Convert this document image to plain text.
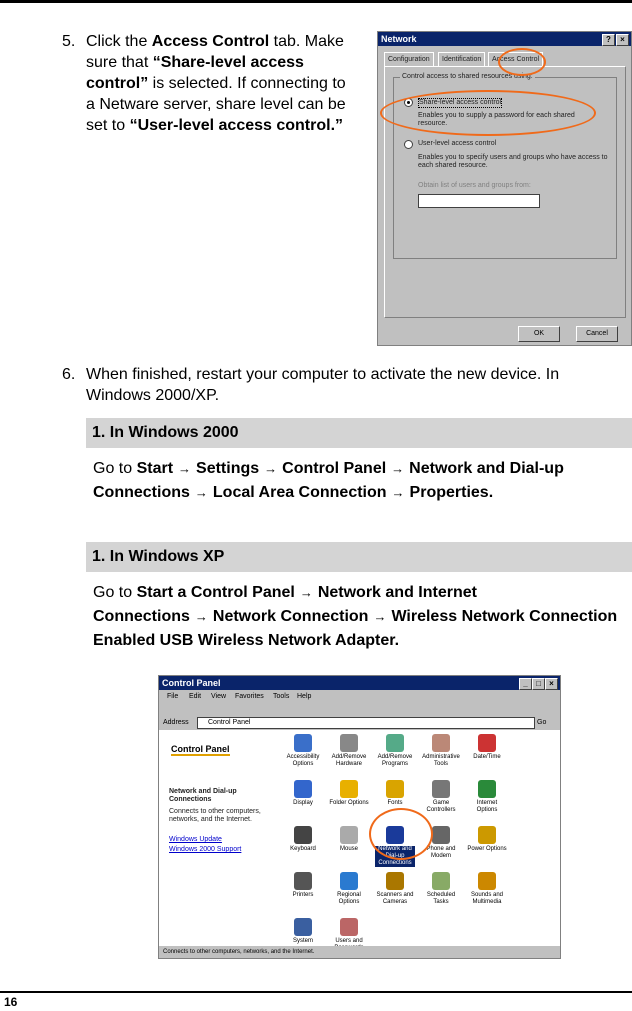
5. Click the Access Control tab. Make sure that “Share-level access control” is selected. If connecting to a Netware server, share level can be set to “User-level access control.”
Network	?	×
Configuration	Identification	Access Control
Control access to shared resources using:
Share-level access control
Enables you to supply a password for each shared resource.
User-level access control
Enables you to specify users and groups who have access to each shared resource.
Obtain list of users and groups from:
OK	Cancel
6. When finished, restart your computer to activate the new device. In Windows 2000/XP.
1. In Windows 2000
Go to Start → Settings → Control Panel → Network and Dial-up Connections → Local Area Connection → Properties.
1. In Windows XP
Go to Start a Control Panel → Network and Internet Connections → Network Connection → Wireless Network Connection Enabled USB Wireless Network Adapter.
Control Panel	×
□
_
File Edit View Favorites Tools Help
Address	Control Panel	Go
Control Panel
Network and Dial-up Connections
Connects to other computers, networks, and the Internet.
Windows Update
Windows 2000 Support
Accessibility Options
Add/Remove Hardware
Add/Remove Programs
Administrative Tools
Date/Time
Display	Folder Options	Fonts	Game Controllers
Internet Options
Keyboard	Mouse	Network and Dial-up Connections
Phone and Modem
Power Options
Printers	Regional Options
Scanners and Cameras
Scheduled Tasks
Sounds and Multimedia
System	Users and
Connects to other computers, networks, and the Internet.
16
